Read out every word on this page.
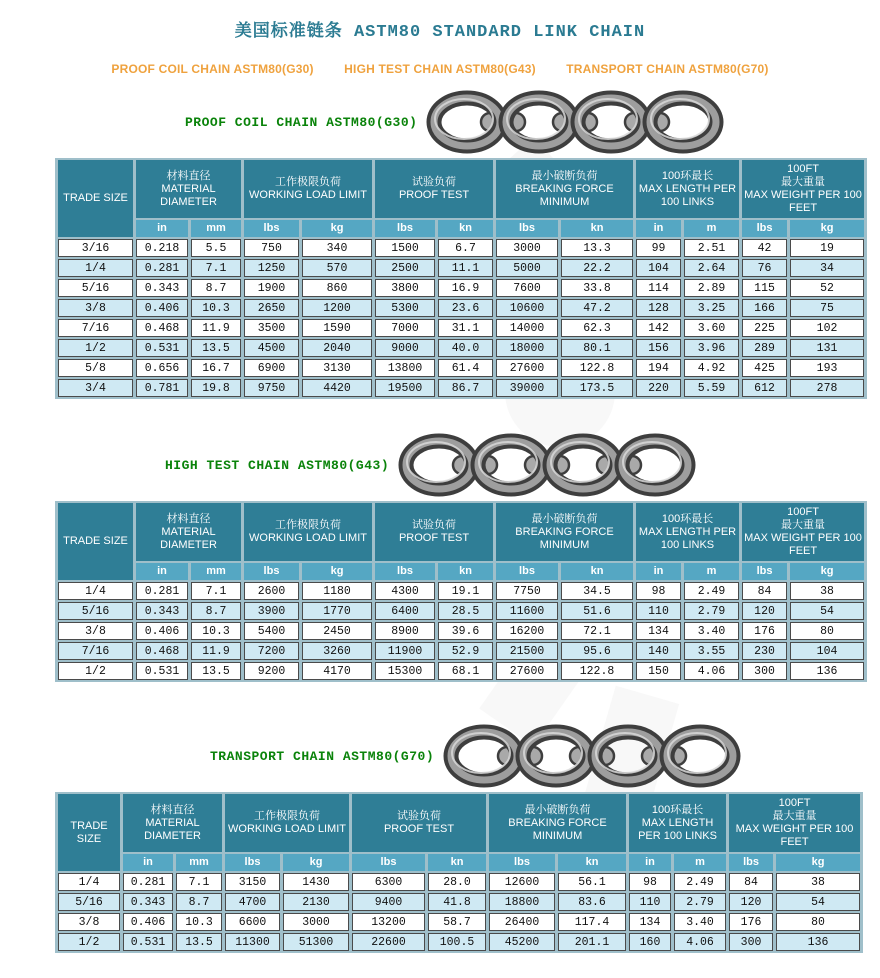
美国标准链条 ASTM80 STANDARD LINK CHAIN
PROOF COIL CHAIN ASTM80(G30)	HIGH TEST CHAIN ASTM80(G43)	TRANSPORT CHAIN ASTM80(G70)
PROOF COIL CHAIN ASTM80(G30)
TRADE SIZE

材料直径
MATERIAL DIAMETER

工作极限负荷
WORKING LOAD LIMIT

试验负荷
PROOF TEST

最小破断负荷
BREAKING FORCE MINIMUM

100环最长
MAX LENGTH PER 100 LINKS

100FT
最大重量
MAX WEIGHT PER 100 FEET

	in	mm	lbs	kg	lbs	kn	lbs	kn	in	m	lbs	kg
3/16	0.218	5.5	750	340	1500	6.7	3000	13.3	99	2.51	42	19
1/4	0.281	7.1	1250	570	2500	11.1	5000	22.2	104	2.64	76	34
5/16	0.343	8.7	1900	860	3800	16.9	7600	33.8	114	2.89	115	52
3/8	0.406	10.3	2650	1200	5300	23.6	10600	47.2	128	3.25	166	75
7/16	0.468	11.9	3500	1590	7000	31.1	14000	62.3	142	3.60	225	102
1/2	0.531	13.5	4500	2040	9000	40.0	18000	80.1	156	3.96	289	131
5/8	0.656	16.7	6900	3130	13800	61.4	27600	122.8	194	4.92	425	193
3/4	0.781	19.8	9750	4420	19500	86.7	39000	173.5	220	5.59	612	278
HIGH TEST CHAIN ASTM80(G43)
TRADE SIZE

材料直径
MATERIAL DIAMETER

工作极限负荷
WORKING LOAD LIMIT

试验负荷
PROOF TEST

最小破断负荷
BREAKING FORCE MINIMUM

100环最长
MAX LENGTH PER 100 LINKS

100FT
最大重量
MAX WEIGHT PER 100 FEET

	in	mm	lbs	kg	lbs	kn	lbs	kn	in	m	lbs	kg
1/4	0.281	7.1	2600	1180	4300	19.1	7750	34.5	98	2.49	84	38
5/16	0.343	8.7	3900	1770	6400	28.5	11600	51.6	110	2.79	120	54
3/8	0.406	10.3	5400	2450	8900	39.6	16200	72.1	134	3.40	176	80
7/16	0.468	11.9	7200	3260	11900	52.9	21500	95.6	140	3.55	230	104
1/2	0.531	13.5	9200	4170	15300	68.1	27600	122.8	150	4.06	300	136
TRANSPORT CHAIN ASTM80(G70)
TRADE SIZE

材料直径
MATERIAL DIAMETER

工作极限负荷
WORKING LOAD LIMIT

试验负荷
PROOF TEST

最小破断负荷
BREAKING FORCE MINIMUM

100环最长
MAX LENGTH PER 100 LINKS

100FT
最大重量
MAX WEIGHT PER 100 FEET

	in	mm	lbs	kg	lbs	kn	lbs	kn	in	m	lbs	kg
1/4	0.281	7.1	3150	1430	6300	28.0	12600	56.1	98	2.49	84	38
5/16	0.343	8.7	4700	2130	9400	41.8	18800	83.6	110	2.79	120	54
3/8	0.406	10.3	6600	3000	13200	58.7	26400	117.4	134	3.40	176	80
1/2	0.531	13.5	11300	51300	22600	100.5	45200	201.1	160	4.06	300	136
